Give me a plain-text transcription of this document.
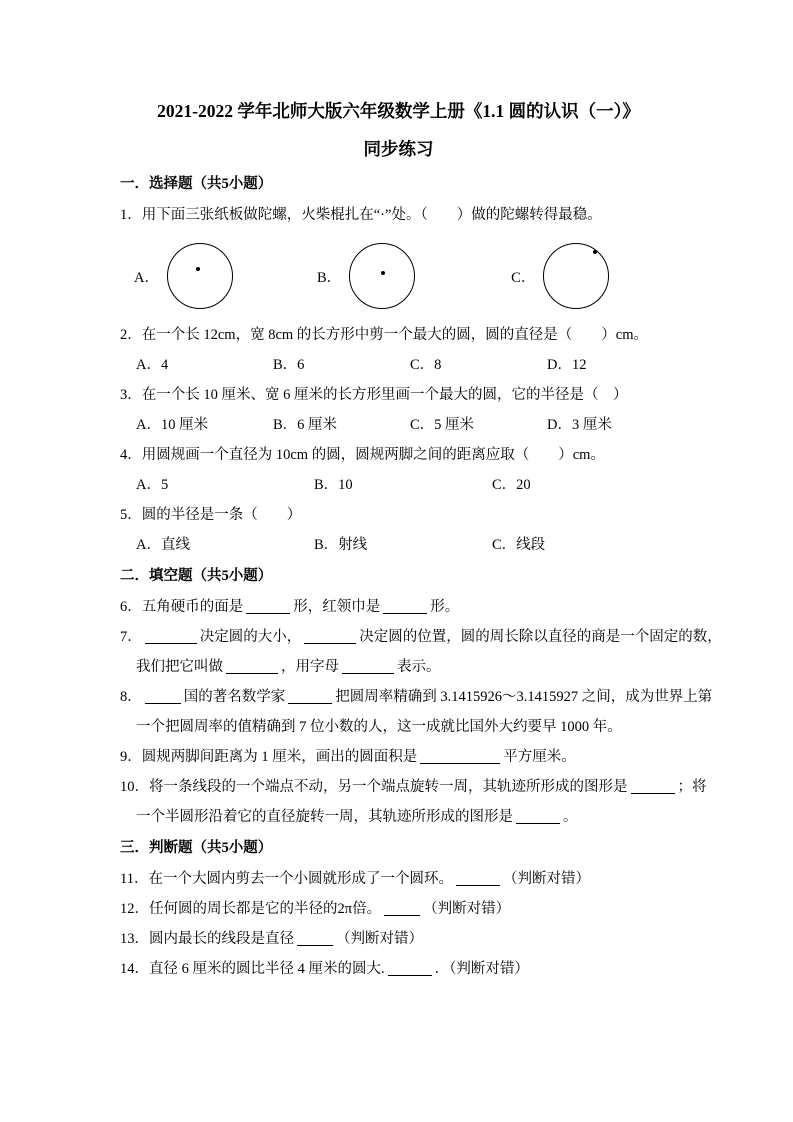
2021-2022 学年北师大版六年级数学上册《1.1 圆的认识（一）》
同步练习
一．选择题（共5小题）
1．用下面三张纸板做陀螺，火柴棍扎在“·”处。（　　）做的陀螺转得最稳。
A．	B．	C．
2．在一个长 12cm，宽 8cm 的长方形中剪一个最大的圆，圆的直径是（　　）cm。
A．4	B．6	C．8	D．12
3．在一个长 10 厘米、宽 6 厘米的长方形里画一个最大的圆，它的半径是（　）
A．10 厘米	B．6 厘米	C．5 厘米	D．3 厘米
4．用圆规画一个直径为 10cm 的圆，圆规两脚之间的距离应取（　　）cm。
A．5	B．10	C．20
5．圆的半径是一条（　　）
A．直线	B．射线	C．线段
二．填空题（共5小题）
6．五角硬币的面是	形，红领巾是	形。
7．	决定圆的大小，	决定圆的位置，圆的周长除以直径的商是一个固定的数，
我们把它叫做	，用字母	表示。
8．	国的著名数学家	把圆周率精确到 3.1415926～3.1415927 之间，成为世界上第
一个把圆周率的值精确到 7 位小数的人，这一成就比国外大约要早 1000 年。
9．圆规两脚间距离为 1 厘米，画出的圆面积是	平方厘米。
10．将一条线段的一个端点不动，另一个端点旋转一周，其轨迹所形成的图形是	；将
一个半圆形沿着它的直径旋转一周，其轨迹所形成的图形是	。
三．判断题（共5小题）
11．在一个大圆内剪去一个小圆就形成了一个圆环。	（判断对错）
12．任何圆的周长都是它的半径的2π倍。	（判断对错）
13．圆内最长的线段是直径	（判断对错）
14．直径 6 厘米的圆比半径 4 厘米的圆大.	．（判断对错）
